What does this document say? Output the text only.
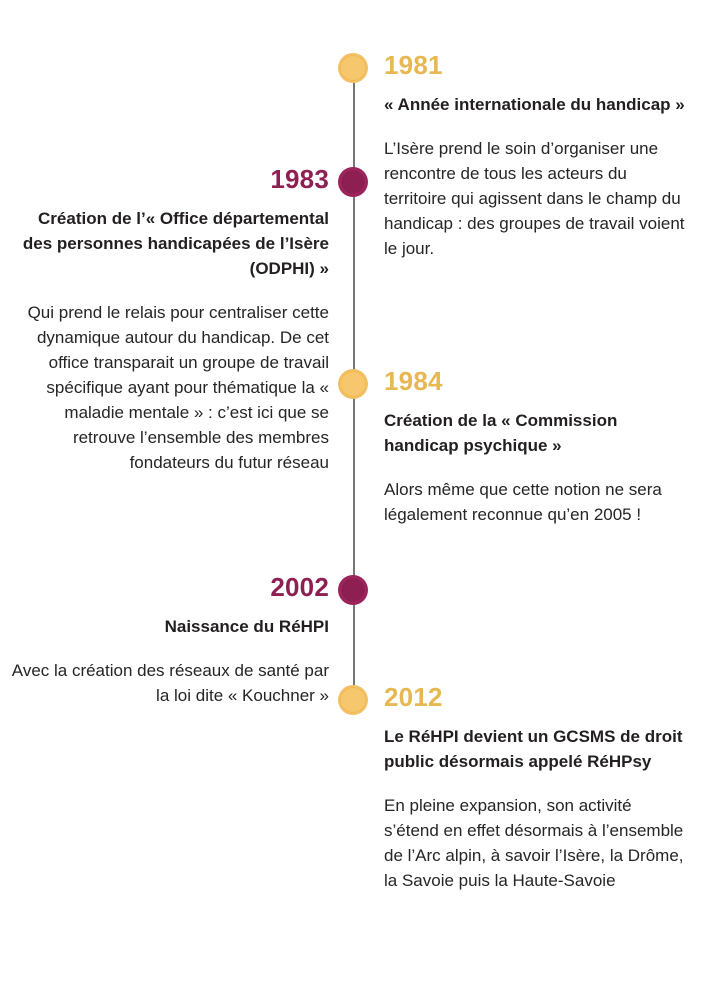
1981
« Année internationale du handicap »
L’Isère prend le soin d’organiser une rencontre de tous les acteurs du territoire qui agissent dans le champ du handicap : des groupes de travail voient le jour.
1983
Création de l’« Office départemental des personnes handicapées de l’Isère (ODPHI) »
Qui prend le relais pour centraliser cette dynamique autour du handicap. De cet office transparait un groupe de travail spécifique ayant pour thématique la « maladie mentale » : c’est ici que se retrouve l’ensemble des membres fondateurs du futur réseau
1984
Création de la « Commission handicap psychique »
Alors même que cette notion ne sera légalement reconnue qu’en 2005 !
2002
Naissance du RéHPI
Avec la création des réseaux de santé par la loi dite « Kouchner » 2012
Le RéHPI devient un GCSMS de droit public désormais appelé RéHPsy
En pleine expansion, son activité s’étend en effet désormais à l’ensemble de l’Arc alpin, à savoir l’Isère, la Drôme, la Savoie puis la Haute-Savoie
